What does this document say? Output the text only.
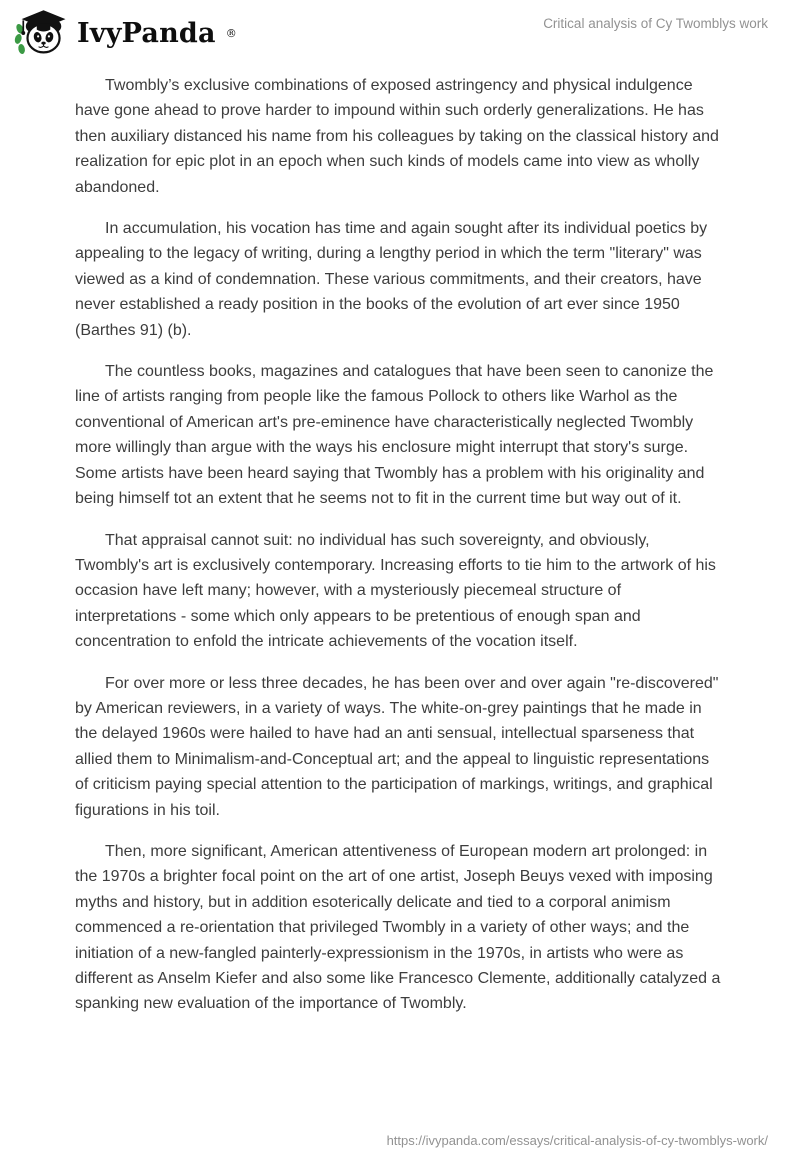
IvyPanda ®
Critical analysis of Cy Twomblys work

Twombly’s exclusive combinations of exposed astringency and physical indulgence have gone ahead to prove harder to impound within such orderly generalizations. He has then auxiliary distanced his name from his colleagues by taking on the classical history and realization for epic plot in an epoch when such kinds of models came into view as wholly abandoned.

In accumulation, his vocation has time and again sought after its individual poetics by appealing to the legacy of writing, during a lengthy period in which the term "literary" was viewed as a kind of condemnation. These various commitments, and their creators, have never established a ready position in the books of the evolution of art ever since 1950 (Barthes 91) (b).

The countless books, magazines and catalogues that have been seen to canonize the line of artists ranging from people like the famous Pollock to others like Warhol as the conventional of American art's pre-eminence have characteristically neglected Twombly more willingly than argue with the ways his enclosure might interrupt that story's surge. Some artists have been heard saying that Twombly has a problem with his originality and being himself tot an extent that he seems not to fit in the current time but way out of it.

That appraisal cannot suit: no individual has such sovereignty, and obviously, Twombly's art is exclusively contemporary. Increasing efforts to tie him to the artwork of his occasion have left many; however, with a mysteriously piecemeal structure of interpretations - some which only appears to be pretentious of enough span and concentration to enfold the intricate achievements of the vocation itself.

For over more or less three decades, he has been over and over again "re-discovered" by American reviewers, in a variety of ways. The white-on-grey paintings that he made in the delayed 1960s were hailed to have had an anti sensual, intellectual sparseness that allied them to Minimalism-and-Conceptual art; and the appeal to linguistic representations of criticism paying special attention to the participation of markings, writings, and graphical figurations in his toil.

Then, more significant, American attentiveness of European modern art prolonged: in the 1970s a brighter focal point on the art of one artist, Joseph Beuys vexed with imposing myths and history, but in addition esoterically delicate and tied to a corporal animism commenced a re-orientation that privileged Twombly in a variety of other ways; and the initiation of a new-fangled painterly-expressionism in the 1970s, in artists who were as different as Anselm Kiefer and also some like Francesco Clemente, additionally catalyzed a spanking new evaluation of the importance of Twombly.

https://ivypanda.com/essays/critical-analysis-of-cy-twomblys-work/
